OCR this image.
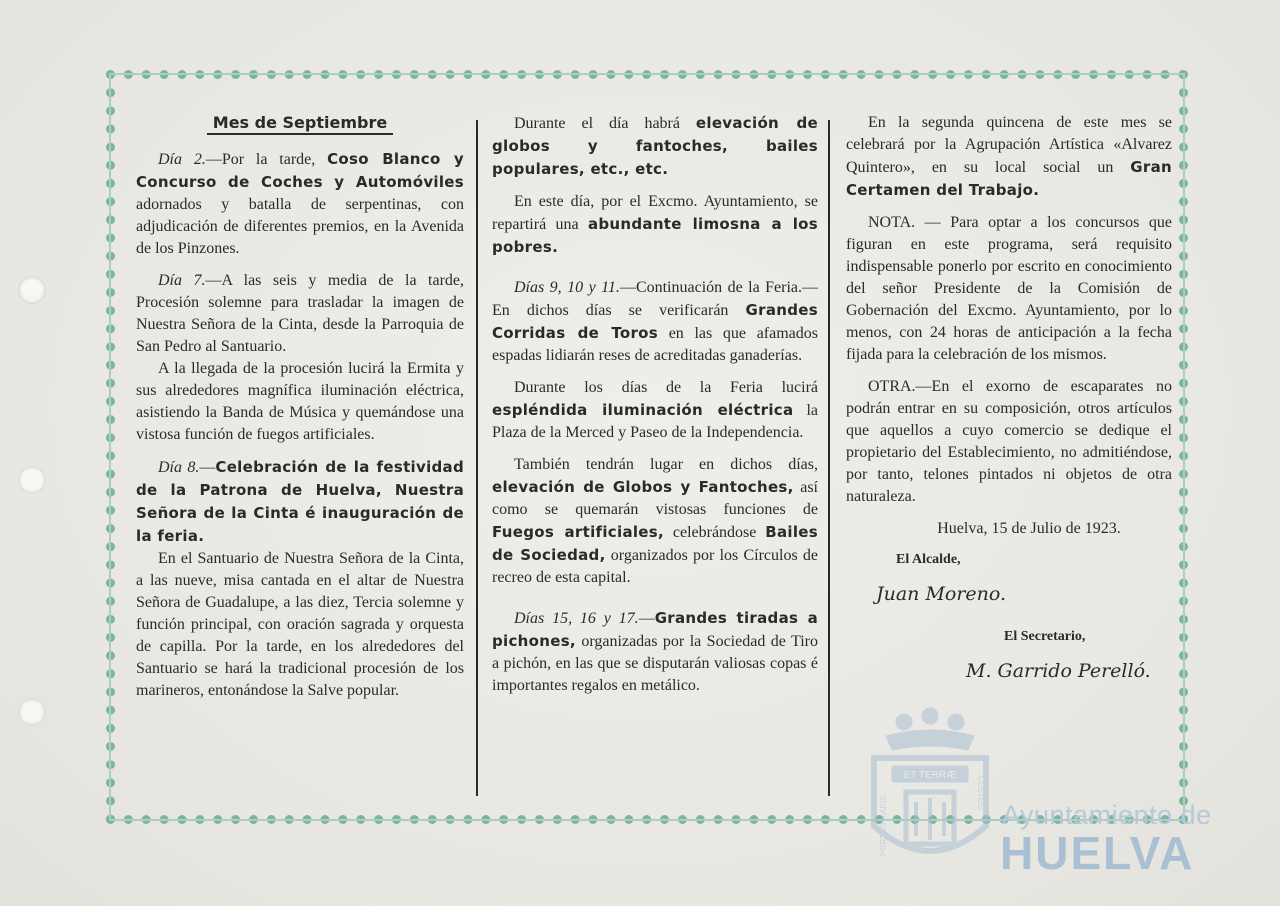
Mes de Septiembre

Día 2.—Por la tarde, Coso Blanco y Concurso de Coches y Automóviles adornados y batalla de serpentinas, con adjudicación de diferentes premios, en la Avenida de los Pinzones.

Día 7.—A las seis y media de la tarde, Procesión solemne para trasladar la imagen de Nuestra Señora de la Cinta, desde la Parroquia de San Pedro al Santuario.

A la llegada de la procesión lucirá la Ermita y sus alrededores magnífica iluminación eléctrica, asistiendo la Banda de Música y quemándose una vistosa función de fuegos artificiales.

Día 8.—Celebración de la festividad de la Patrona de Huelva, Nuestra Señora de la Cinta é inauguración de la feria.

En el Santuario de Nuestra Señora de la Cinta, a las nueve, misa cantada en el altar de Nuestra Señora de Guadalupe, a las diez, Tercia solemne y función principal, con oración sagrada y orquesta de capilla. Por la tarde, en los alrededores del Santuario se hará la tradicional procesión de los marineros, entonándose la Salve popular.

Durante el día habrá elevación de globos y fantoches, bailes populares, etc., etc.

En este día, por el Excmo. Ayuntamiento, se repartirá una abundante limosna a los pobres.

Días 9, 10 y 11.—Continuación de la Feria.—En dichos días se verificarán Grandes Corridas de Toros en las que afamados espadas lidiarán reses de acreditadas ganaderías.

Durante los días de la Feria lucirá espléndida iluminación eléctrica la Plaza de la Merced y Paseo de la Independencia.

También tendrán lugar en dichos días, elevación de Globos y Fantoches, así como se quemarán vistosas funciones de Fuegos artificiales, celebrándose Bailes de Sociedad, organizados por los Círculos de recreo de esta capital.

Días 15, 16 y 17.—Grandes tiradas a pichones, organizadas por la Sociedad de Tiro a pichón, en las que se disputarán valiosas copas é importantes regalos en metálico.

En la segunda quincena de este mes se celebrará por la Agrupación Artística «Alvarez Quintero», en su local social un Gran Certamen del Trabajo.

NOTA. — Para optar a los concursos que figuran en este programa, será requisito indispensable ponerlo por escrito en conocimiento del señor Presidente de la Comisión de Gobernación del Excmo. Ayuntamiento, por lo menos, con 24 horas de anticipación a la fecha fijada para la celebración de los mismos.

OTRA.—En el exorno de escaparates no podrán entrar en su composición, otros artículos que aquellos a cuyo comercio se dedique el propietario del Establecimiento, no admitiéndose, por tanto, telones pintados ni objetos de otra naturaleza.

Huelva, 15 de Julio de 1923.

El Alcalde,

Juan Moreno.

El Secretario,

M. Garrido Perelló.

ET TERRÆ
PORTUS MARIS
CUSTOS
Ayuntamiento de
HUELVA
